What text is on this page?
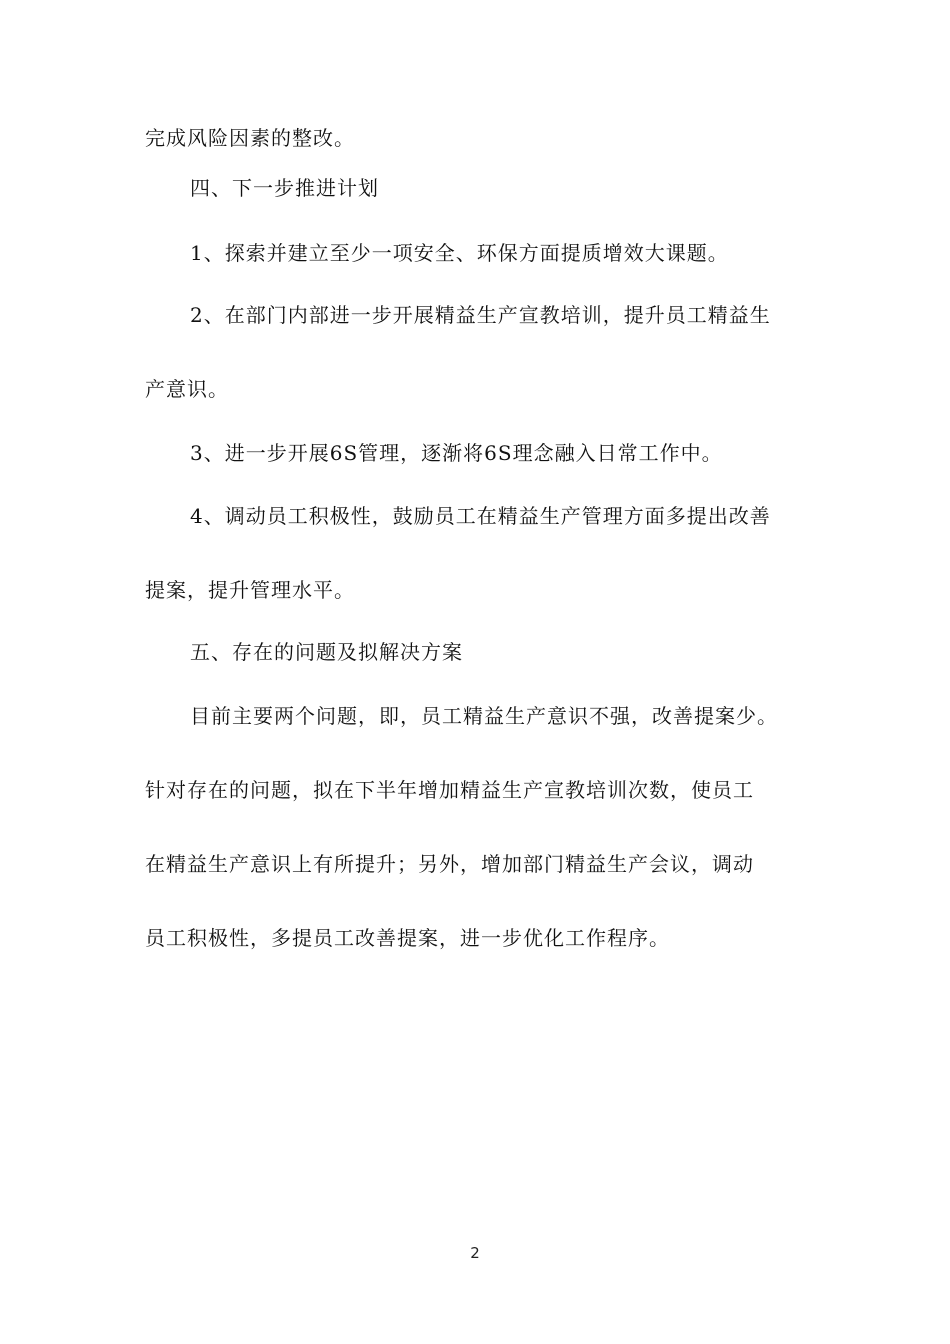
完成风险因素的整改。
四、下一步推进计划
1、探索并建立至少一项安全、环保方面提质增效大课题。
2、在部门内部进一步开展精益生产宣教培训，提升员工精益生
产意识。
3、进一步开展6S管理，逐渐将6S理念融入日常工作中。
4、调动员工积极性，鼓励员工在精益生产管理方面多提出改善
提案，提升管理水平。
五、存在的问题及拟解决方案
目前主要两个问题，即，员工精益生产意识不强，改善提案少。
针对存在的问题，拟在下半年增加精益生产宣教培训次数，使员工
在精益生产意识上有所提升；另外，增加部门精益生产会议，调动
员工积极性，多提员工改善提案，进一步优化工作程序。
2
